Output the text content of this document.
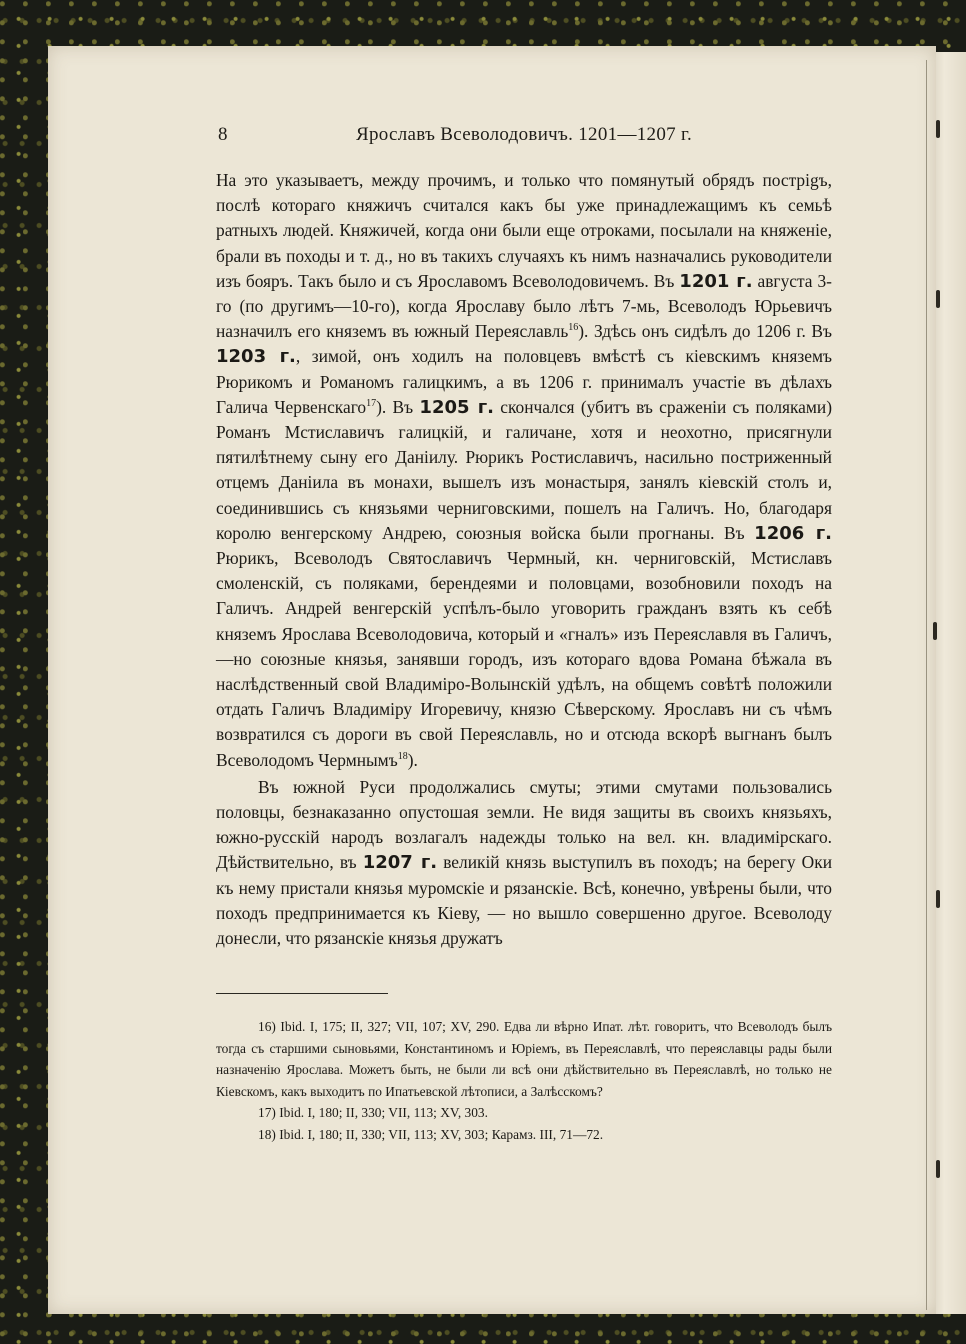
8	Ярославъ Всеволодовичъ. 1201—1207 г.

На это указываетъ, между прочимъ, и только что помянутый обрядъ пострigъ, послѣ котораго княжичъ считался какъ бы уже принадлежащимъ къ семьѣ ратныхъ людей. Княжичей, когда они были еще отроками, посылали на княженіе, брали въ походы и т. д., но въ такихъ случаяхъ къ нимъ назначались руководители изъ бояръ. Такъ было и съ Ярославомъ Всеволодовичемъ. Въ 1201 г. августа 3-го (по другимъ—10-го), когда Ярославу было лѣтъ 7-мь, Всеволодъ Юрьевичъ назначилъ его княземъ въ южный Переяславль$^{16}$). Здѣсь онъ сидѣлъ до 1206 г. Въ 1203 г., зимой, онъ ходилъ на половцевъ вмѣстѣ съ кіевскимъ княземъ Рюрикомъ и Романомъ галицкимъ, а въ 1206 г. принималъ участіе въ дѣлахъ Галича Червенскаго$^{17}$). Въ 1205 г. скончался (убитъ въ сраженіи съ поляками) Романъ Мстиславичъ галицкій, и галичане, хотя и неохотно, присягнули пятилѣтнему сыну его Даніилу. Рюрикъ Ростиславичъ, насильно постриженный отцемъ Даніила въ монахи, вышелъ изъ монастыря, занялъ кіевскій столъ и, соединившись съ князьями черниговскими, пошелъ на Галичъ. Но, благодаря королю венгерскому Андрею, союзныя войска были прогнаны. Въ 1206 г. Рюрикъ, Всеволодъ Святославичъ Чермный, кн. черниговскій, Мстиславъ смоленскій, съ поляками, берендеями и половцами, возобновили походъ на Галичъ. Андрей венгерскій успѣлъ-было уговорить гражданъ взять къ себѣ княземъ Ярослава Всеволодовича, который и «гналъ» изъ Переяславля въ Галичъ,—но союзные князья, занявши городъ, изъ котораго вдова Романа бѣжала въ наслѣдственный свой Владиміро-Волынскій удѣлъ, на общемъ совѣтѣ положили отдать Галичъ Владиміру Игоревичу, князю Сѣверскому. Ярославъ ни съ чѣмъ возвратился съ дороги въ свой Переяславль, но и отсюда вскорѣ выгнанъ былъ Всеволодомъ Чермнымъ$^{18}$).

Въ южной Руси продолжались смуты; этими смутами пользовались половцы, безнаказанно опустошая земли. Не видя защиты въ своихъ князьяхъ, южно-русскій народъ возлагалъ надежды только на вел. кн. владимірскаго. Дѣйствительно, въ 1207 г. великій князь выступилъ въ походъ; на берегу Оки къ нему пристали князья муромскіе и рязанскіе. Всѣ, конечно, увѣрены были, что походъ предпринимается къ Кіеву, — но вышло совершенно другое. Всеволоду донесли, что рязанскіе князья дружатъ

16) Ibid. I, 175; II, 327; VII, 107; XV, 290. Едва ли вѣрно Ипат. лѣт. говоритъ, что Всеволодъ былъ тогда съ старшими сыновьями, Константиномъ и Юріемъ, въ Переяславлѣ, что переяславцы рады были назначенію Ярослава. Можетъ быть, не были ли всѣ они дѣйствительно въ Переяславлѣ, но только не Кіевскомъ, какъ выходитъ по Ипатьевской лѣтописи, а Залѣсскомъ?

17) Ibid. I, 180; II, 330; VII, 113; XV, 303.

18) Ibid. I, 180; II, 330; VII, 113; XV, 303; Карамз. III, 71—72.
